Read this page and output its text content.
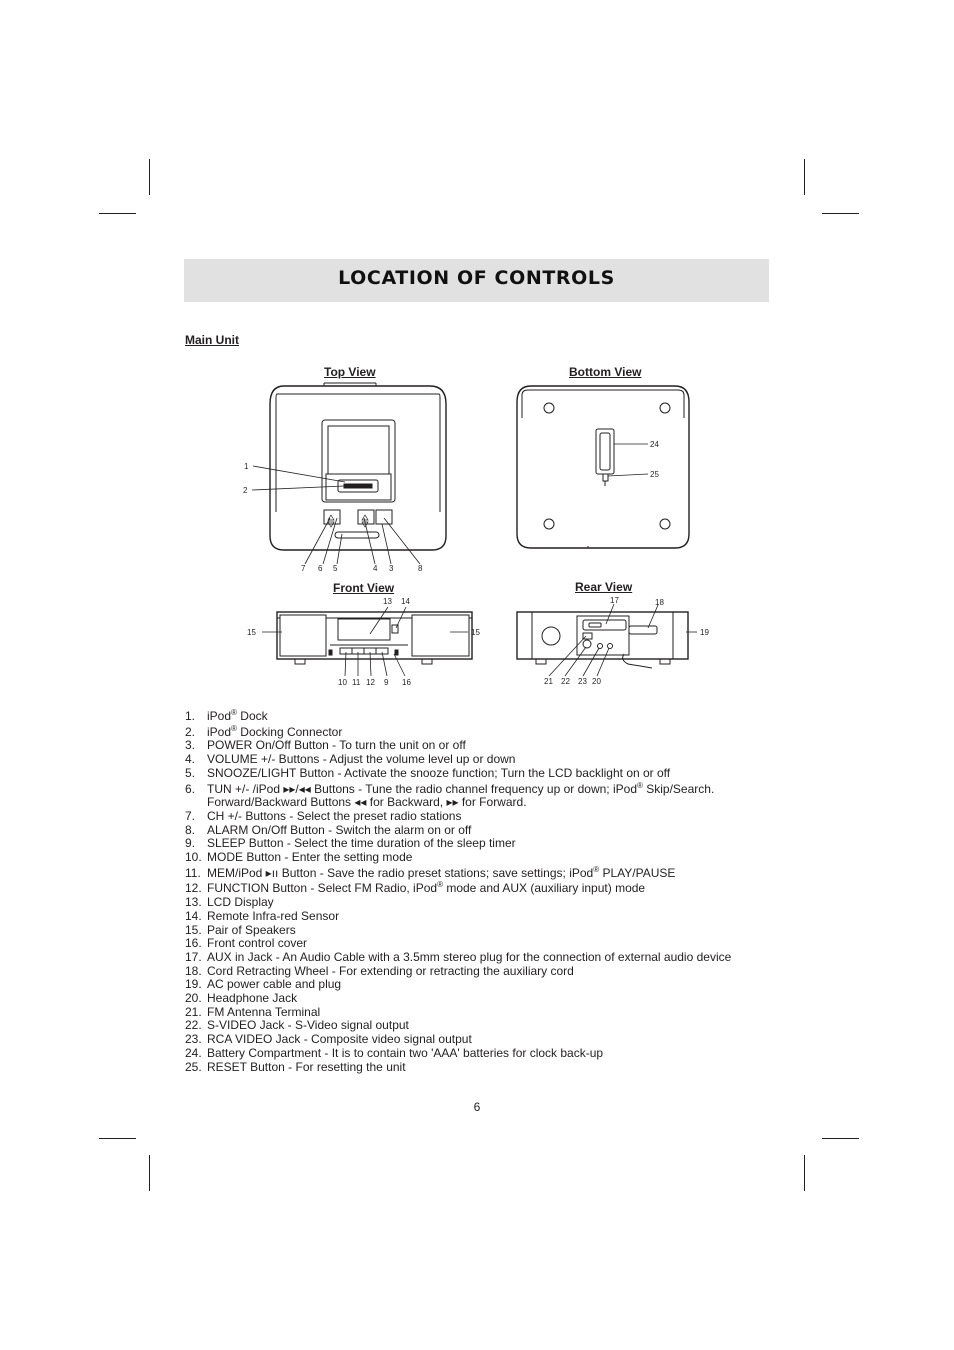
LOCATION OF CONTROLS
Main Unit
Top View	Bottom View
Front View	Rear View
1
2
7 6 5	4 3	8
24
25
13 14
15	15
10 11 12 9 16
17	18
19
21 22 23 20
1. iPod® Dock
2. iPod® Docking Connector
3. POWER On/Off Button - To turn the unit on or off
4. VOLUME +/- Buttons - Adjust the volume level up or down
5. SNOOZE/LIGHT Button - Activate the snooze function; Turn the LCD backlight on or off
6. TUN +/- /iPod ▸▸/◂◂ Buttons - Tune the radio channel frequency up or down; iPod® Skip/Search.
Forward/Backward Buttons ◂◂ for Backward, ▸▸ for Forward.
7. CH +/- Buttons - Select the preset radio stations
8. ALARM On/Off Button - Switch the alarm on or off
9. SLEEP Button - Select the time duration of the sleep timer
10. MODE Button - Enter the setting mode
11. MEM/iPod ▸ıı Button - Save the radio preset stations; save settings; iPod® PLAY/PAUSE
12. FUNCTION Button - Select FM Radio, iPod® mode and AUX (auxiliary input) mode
13. LCD Display
14. Remote Infra-red Sensor
15. Pair of Speakers
16. Front control cover
17. AUX in Jack - An Audio Cable with a 3.5mm stereo plug for the connection of external audio device
18. Cord Retracting Wheel - For extending or retracting the auxiliary cord
19. AC power cable and plug
20. Headphone Jack
21. FM Antenna Terminal
22. S-VIDEO Jack - S-Video signal output
23. RCA VIDEO Jack - Composite video signal output
24. Battery Compartment - It is to contain two 'AAA' batteries for clock back-up
25. RESET Button - For resetting the unit
6
